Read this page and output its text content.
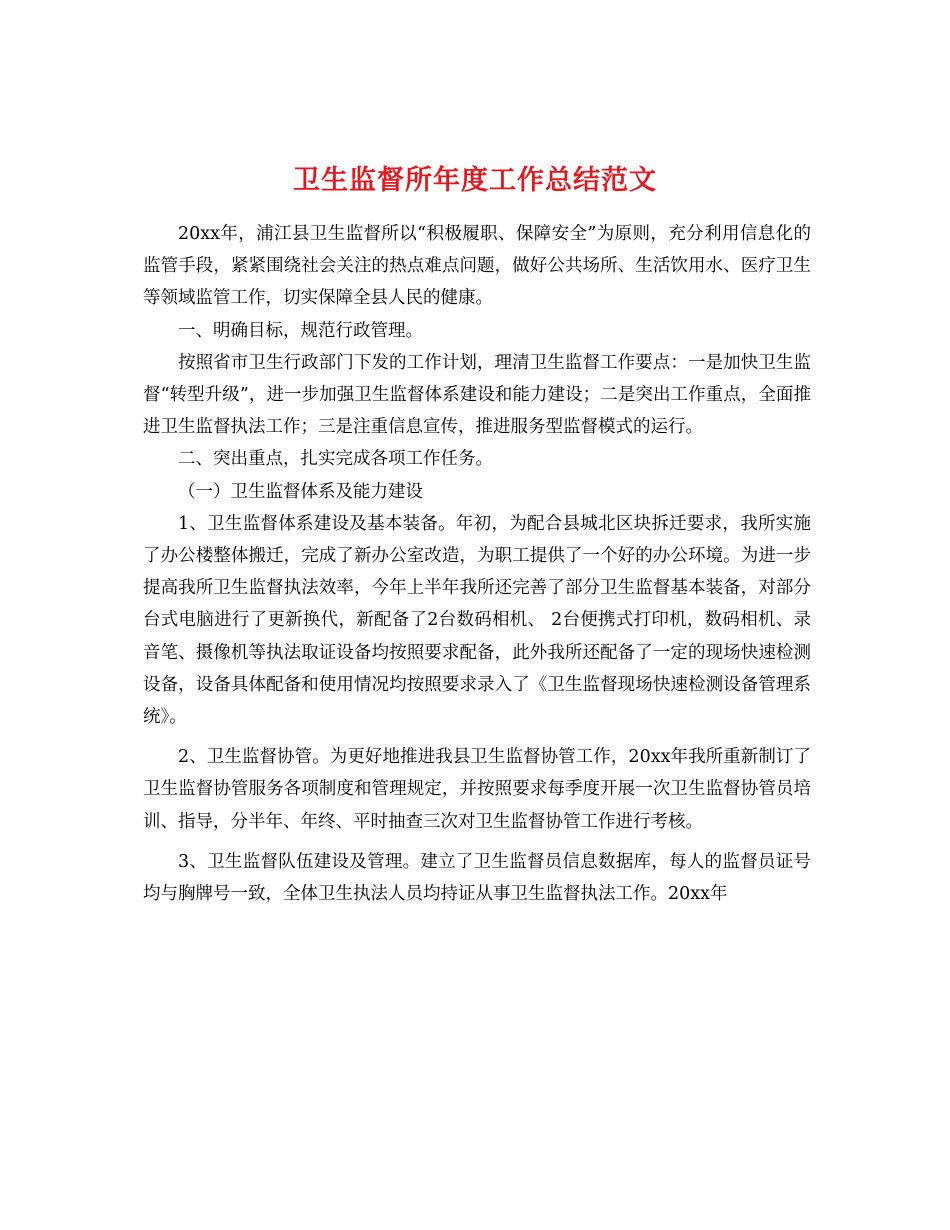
卫生监督所年度工作总结范文

20xx年，浦江县卫生监督所以“积极履职、保障安全”为原则，充分利用信息化的监管手段，紧紧围绕社会关注的热点难点问题，做好公共场所、生活饮用水、医疗卫生等领域监管工作，切实保障全县人民的健康。

一、明确目标，规范行政管理。

按照省市卫生行政部门下发的工作计划，理清卫生监督工作要点：一是加快卫生监督“转型升级”，进一步加强卫生监督体系建设和能力建设；二是突出工作重点，全面推进卫生监督执法工作；三是注重信息宣传，推进服务型监督模式的运行。

二、突出重点，扎实完成各项工作任务。

（一）卫生监督体系及能力建设

1、卫生监督体系建设及基本装备。年初，为配合县城北区块拆迁要求，我所实施了办公楼整体搬迁，完成了新办公室改造，为职工提供了一个好的办公环境。为进一步提高我所卫生监督执法效率，今年上半年我所还完善了部分卫生监督基本装备，对部分台式电脑进行了更新换代，新配备了2台数码相机、 2台便携式打印机，数码相机、录音笔、摄像机等执法取证设备均按照要求配备，此外我所还配备了一定的现场快速检测设备，设备具体配备和使用情况均按照要求录入了《卫生监督现场快速检测设备管理系统》。

2、卫生监督协管。为更好地推进我县卫生监督协管工作，20xx年我所重新制订了卫生监督协管服务各项制度和管理规定，并按照要求每季度开展一次卫生监督协管员培训、指导，分半年、年终、平时抽查三次对卫生监督协管工作进行考核。

3、卫生监督队伍建设及管理。建立了卫生监督员信息数据库，每人的监督员证号均与胸牌号一致，全体卫生执法人员均持证从事卫生监督执法工作。20xx年
